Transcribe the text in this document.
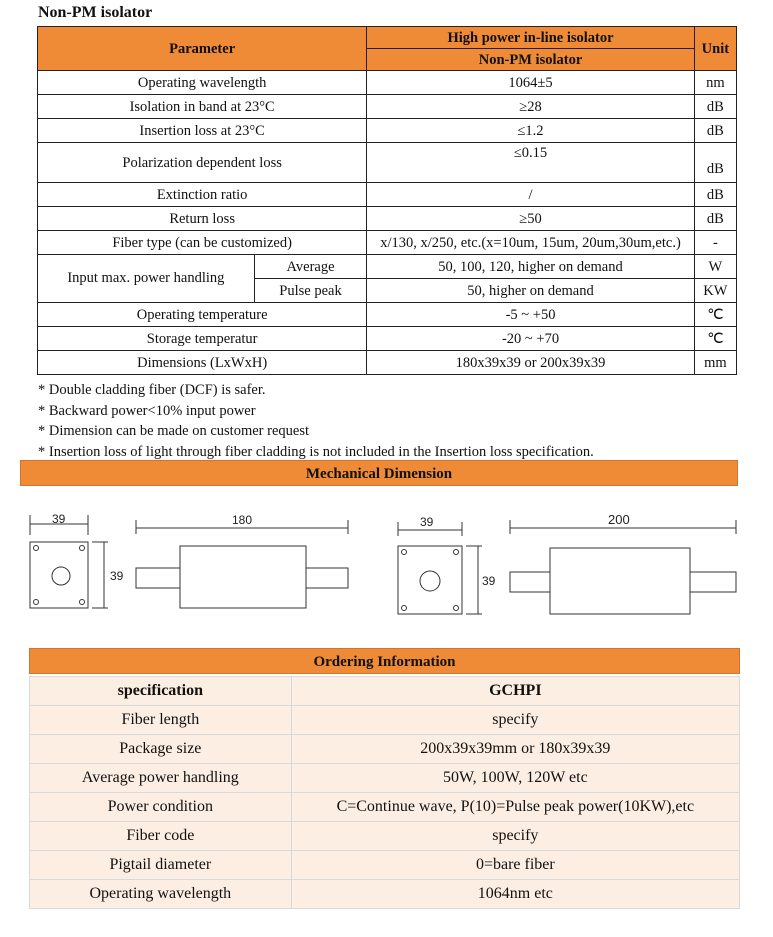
Non-PM isolator
Parameter		High power in-line isolator	Unit
		Non-PM isolator	
Operating wavelength		1064±5	nm
Isolation in band at 23°C		≥28	dB
Insertion loss at 23°C		≤1.2	dB
Polarization dependent loss		≤0.15	dB
Extinction ratio		/	dB
Return loss		≥50	dB
Fiber type (can be customized)		x/130, x/250, etc.(x=10um, 15um, 20um,30um,etc.)	-
Input max. power handling	Average	50, 100, 120, higher on demand	W
	Pulse peak	50, higher on demand	KW
Operating temperature		-5 ~ +50	℃
Storage temperatur		-20 ~ +70	℃
Dimensions (LxWxH)		180x39x39 or 200x39x39	mm
* Double cladding fiber (DCF) is safer.
* Backward power<10% input power
* Dimension can be made on customer request
* Insertion loss of light through fiber cladding is not included in the Insertion loss specification.
Mechanical Dimension
39
39
180	39
39
200
Ordering Information
specification	GCHPI
Fiber length	specify
Package size	200x39x39mm or 180x39x39
Average power handling	50W, 100W, 120W etc
Power condition	C=Continue wave, P(10)=Pulse peak power(10KW),etc
Fiber code	specify
Pigtail diameter	0=bare fiber
Operating wavelength	1064nm etc
